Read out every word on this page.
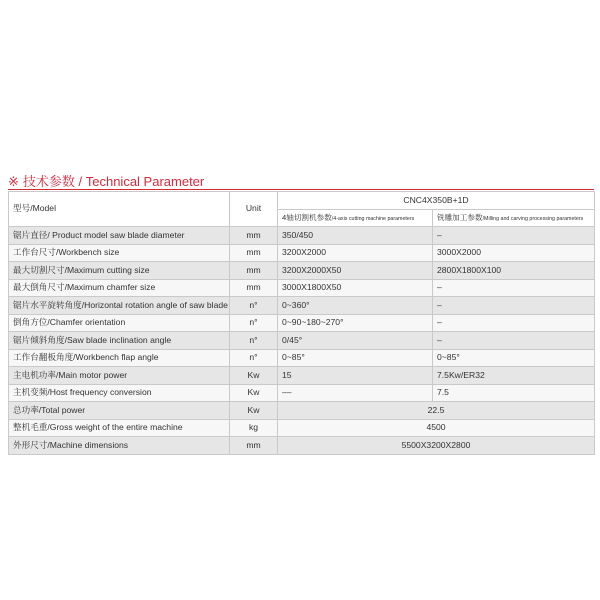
※ 技术参数 / Technical Parameter
型号/Model	Unit	CNC4X350B+1D	
		4轴切割机参数/4-axis cutting machine parameters	铣雕加工参数/Milling and carving processing parameters
锯片直径/ Product model saw blade diameter	mm	350/450	–
工作台尺寸/Workbench size	mm	3200X2000	3000X2000
最大切割尺寸/Maximum cutting size	mm	3200X2000X50	2800X1800X100
最大倒角尺寸/Maximum chamfer size	mm	3000X1800X50	–
锯片水平旋转角度/Horizontal rotation angle of saw blade	n°	0~360°	–
倒角方位/Chamfer orientation	n°	0~90~180~270°	–
锯片倾斜角度/Saw blade inclination angle	n°	0/45°	–
工作台翻板角度/Workbench flap angle	n°	0~85°	0~85°
主电机功率/Main motor power	Kw	15	7.5Kw/ER32
主机变频/Host frequency conversion	Kw	––	7.5
总功率/Total power	Kw	22.5	
整机毛重/Gross weight of the entire machine	kg	4500	
外形尺寸/Machine dimensions	mm	5500X3200X2800	
